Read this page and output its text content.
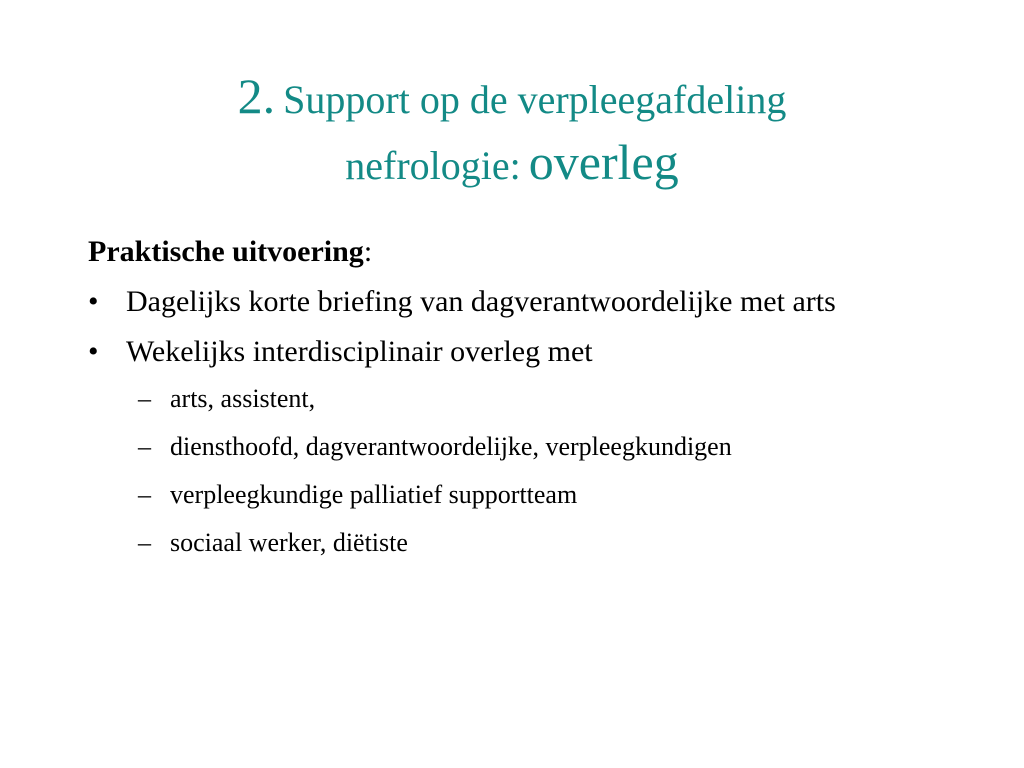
2. Support op de verpleegafdeling
nefrologie: overleg

Praktische uitvoering:

• Dagelijks korte briefing van dagverantwoordelijke met arts
• Wekelijks interdisciplinair overleg met
– arts, assistent,
– diensthoofd, dagverantwoordelijke, verpleegkundigen
– verpleegkundige palliatief supportteam
– sociaal werker, diëtiste
